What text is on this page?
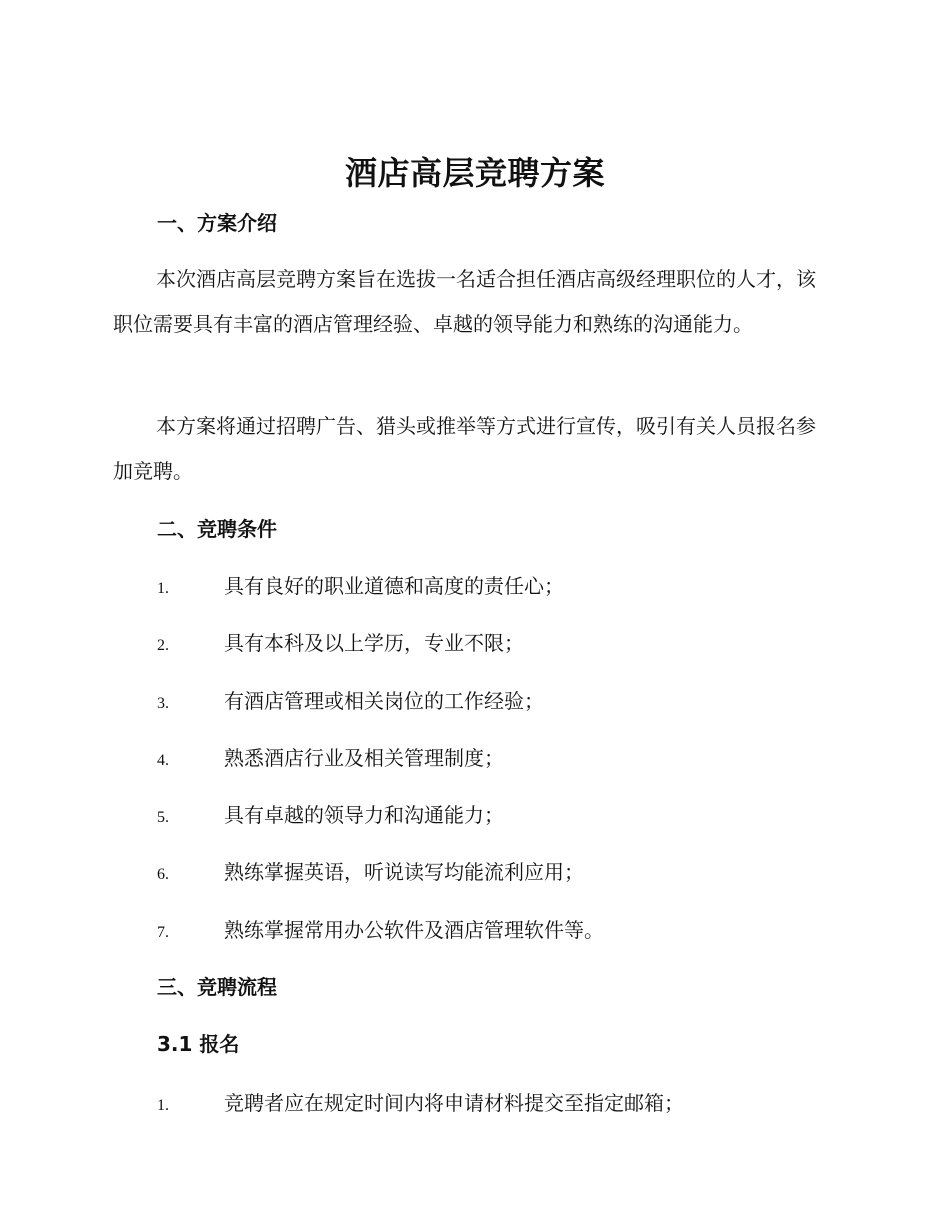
酒店高层竞聘方案
一、方案介绍

本次酒店高层竞聘方案旨在选拔一名适合担任酒店高级经理职位的人才，该职位需要具有丰富的酒店管理经验、卓越的领导能力和熟练的沟通能力。

本方案将通过招聘广告、猎头或推举等方式进行宣传，吸引有关人员报名参加竞聘。

二、竞聘条件
1.	具有良好的职业道德和高度的责任心；
2.	具有本科及以上学历，专业不限；
3.	有酒店管理或相关岗位的工作经验；
4.	熟悉酒店行业及相关管理制度；
5.	具有卓越的领导力和沟通能力；
6.	熟练掌握英语，听说读写均能流利应用；
7.	熟练掌握常用办公软件及酒店管理软件等。
三、竞聘流程
3.1 报名
1.	竞聘者应在规定时间内将申请材料提交至指定邮箱；
